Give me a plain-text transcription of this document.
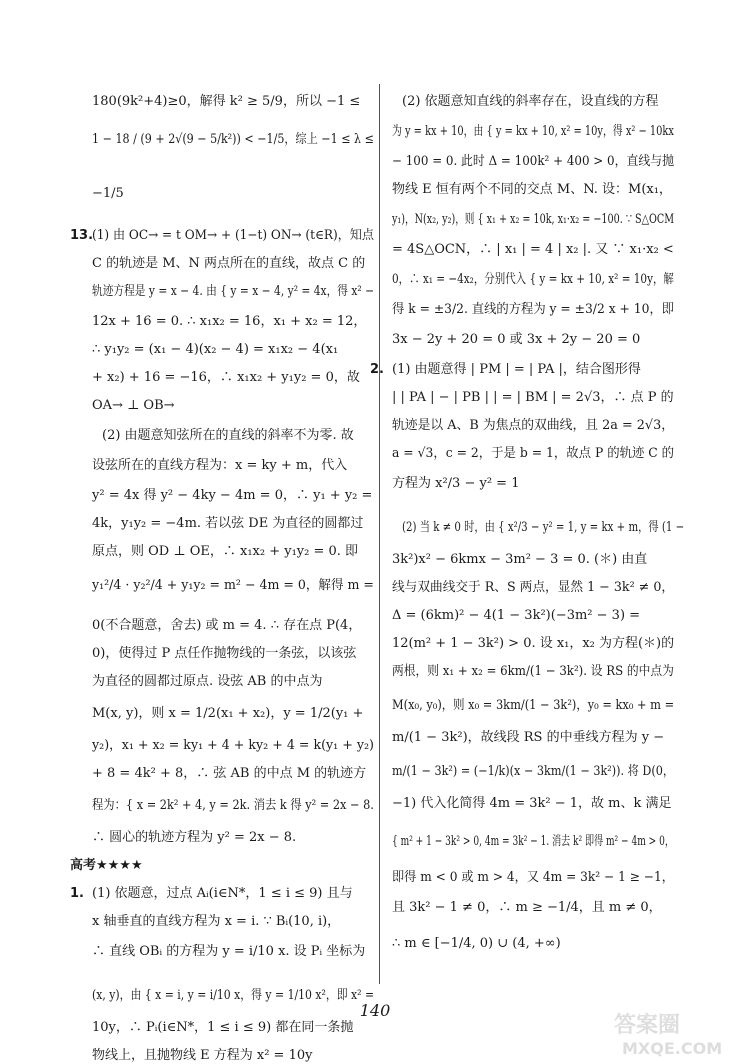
180(9k²+4)≥0，解得 k² ≥ 5/9，所以 −1 ≤
1 − 18 / (9 + 2√(9 − 5/k²)) < −1/5，综上 −1 ≤ λ ≤
−1/5
13.
(1) 由 OC→ = t OM→ + (1−t) ON→ (t∈R)，知点
C 的轨迹是 M、N 两点所在的直线，故点 C 的
轨迹方程是 y = x − 4. 由 { y = x − 4, y² = 4x，得 x² −
12x + 16 = 0. ∴ x₁x₂ = 16，x₁ + x₂ = 12，
∴ y₁y₂ = (x₁ − 4)(x₂ − 4) = x₁x₂ − 4(x₁
+ x₂) + 16 = −16，∴ x₁x₂ + y₁y₂ = 0，故
OA→ ⊥ OB→
(2) 由题意知弦所在的直线的斜率不为零. 故
设弦所在的直线方程为：x = ky + m，代入
y² = 4x 得 y² − 4ky − 4m = 0，∴ y₁ + y₂ =
4k，y₁y₂ = −4m. 若以弦 DE 为直径的圆都过
原点，则 OD ⊥ OE，∴ x₁x₂ + y₁y₂ = 0. 即
y₁²/4 · y₂²/4 + y₁y₂ = m² − 4m = 0，解得 m =
0(不合题意，舍去) 或 m = 4. ∴ 存在点 P(4，
0)，使得过 P 点任作抛物线的一条弦，以该弦
为直径的圆都过原点. 设弦 AB 的中点为
M(x, y)，则 x = 1/2(x₁ + x₂)，y = 1/2(y₁ +
y₂)，x₁ + x₂ = ky₁ + 4 + ky₂ + 4 = k(y₁ + y₂)
+ 8 = 4k² + 8，∴ 弦 AB 的中点 M 的轨迹方
程为：{ x = 2k² + 4, y = 2k. 消去 k 得 y² = 2x − 8.
∴ 圆心的轨迹方程为 y² = 2x − 8.
高考★★★★
1. (1) 依题意，过点 Aᵢ(i∈N*，1 ≤ i ≤ 9) 且与
x 轴垂直的直线方程为 x = i. ∵ Bᵢ(10, i)，
∴ 直线 OBᵢ 的方程为 y = i/10 x. 设 Pᵢ 坐标为
(x, y)，由 { x = i, y = i/10 x，得 y = 1/10 x²，即 x² =
10y，∴ Pᵢ(i∈N*，1 ≤ i ≤ 9) 都在同一条抛
物线上，且抛物线 E 方程为 x² = 10y
(2) 依题意知直线的斜率存在，设直线的方程
为 y = kx + 10，由 { y = kx + 10, x² = 10y，得 x² − 10kx
− 100 = 0. 此时 Δ = 100k² + 400 > 0，直线与抛
物线 E 恒有两个不同的交点 M、N. 设：M(x₁，
y₁)，N(x₂, y₂)，则 { x₁ + x₂ = 10k, x₁·x₂ = −100. ∵ S△OCM
= 4S△OCN，∴ | x₁ | = 4 | x₂ |. 又 ∵ x₁·x₂ <
0，∴ x₁ = −4x₂，分别代入 { y = kx + 10, x² = 10y，解
得 k = ±3/2. 直线的方程为 y = ±3/2 x + 10，即
3x − 2y + 20 = 0 或 3x + 2y − 20 = 0
2. (1) 由题意得 | PM | = | PA |，结合图形得
| | PA | − | PB | | = | BM | = 2√3，∴ 点 P 的
轨迹是以 A、B 为焦点的双曲线，且 2a = 2√3，
a = √3，c = 2，于是 b = 1，故点 P 的轨迹 C 的
方程为 x²/3 − y² = 1
(2) 当 k ≠ 0 时，由 { x²/3 − y² = 1, y = kx + m，得 (1 −
3k²)x² − 6kmx − 3m² − 3 = 0. (＊) 由直
线与双曲线交于 R、S 两点，显然 1 − 3k² ≠ 0，
Δ = (6km)² − 4(1 − 3k²)(−3m² − 3) =
12(m² + 1 − 3k²) > 0. 设 x₁，x₂ 为方程(＊)的
两根，则 x₁ + x₂ = 6km/(1 − 3k²). 设 RS 的中点为
M(x₀, y₀)，则 x₀ = 3km/(1 − 3k²)，y₀ = kx₀ + m =
m/(1 − 3k²)，故线段 RS 的中垂线方程为 y −
m/(1 − 3k²) = (−1/k)(x − 3km/(1 − 3k²)). 将 D(0，
−1) 代入化简得 4m = 3k² − 1，故 m、k 满足
{ m² + 1 − 3k² > 0, 4m = 3k² − 1. 消去 k² 即得 m² − 4m > 0，
即得 m < 0 或 m > 4，又 4m = 3k² − 1 ≥ −1，
且 3k² − 1 ≠ 0，∴ m ≥ −1/4，且 m ≠ 0，
∴ m ∈ [−1/4, 0) ∪ (4, +∞)
140
答案圈
MXQE.COM
